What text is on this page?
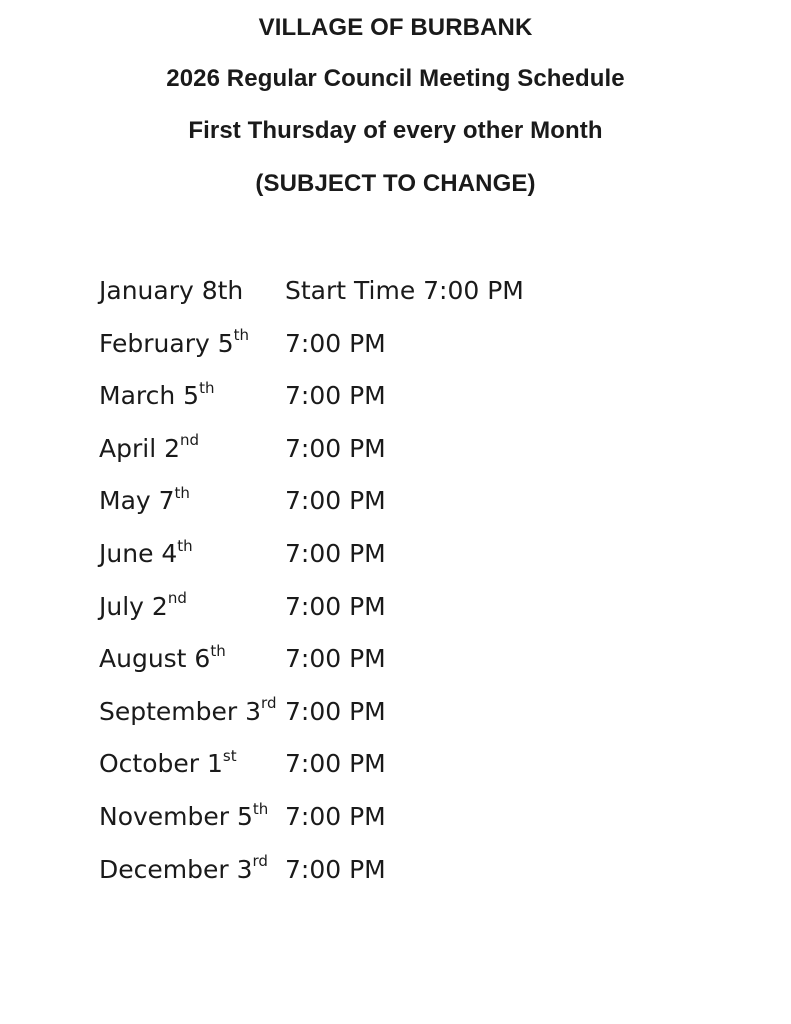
VILLAGE OF BURBANK
2026 Regular Council Meeting Schedule
First Thursday of every other Month
(SUBJECT TO CHANGE)
January 8th Start Time 7:00 PM
February 5th 7:00 PM
March 5th	7:00 PM
April 2nd	7:00 PM
May 7th	7:00 PM
June 4th	7:00 PM
July 2nd	7:00 PM
August 6th 7:00 PM
September 3rd 7:00 PM
October 1st 7:00 PM
November 5th 7:00 PM
December 3rd 7:00 PM
